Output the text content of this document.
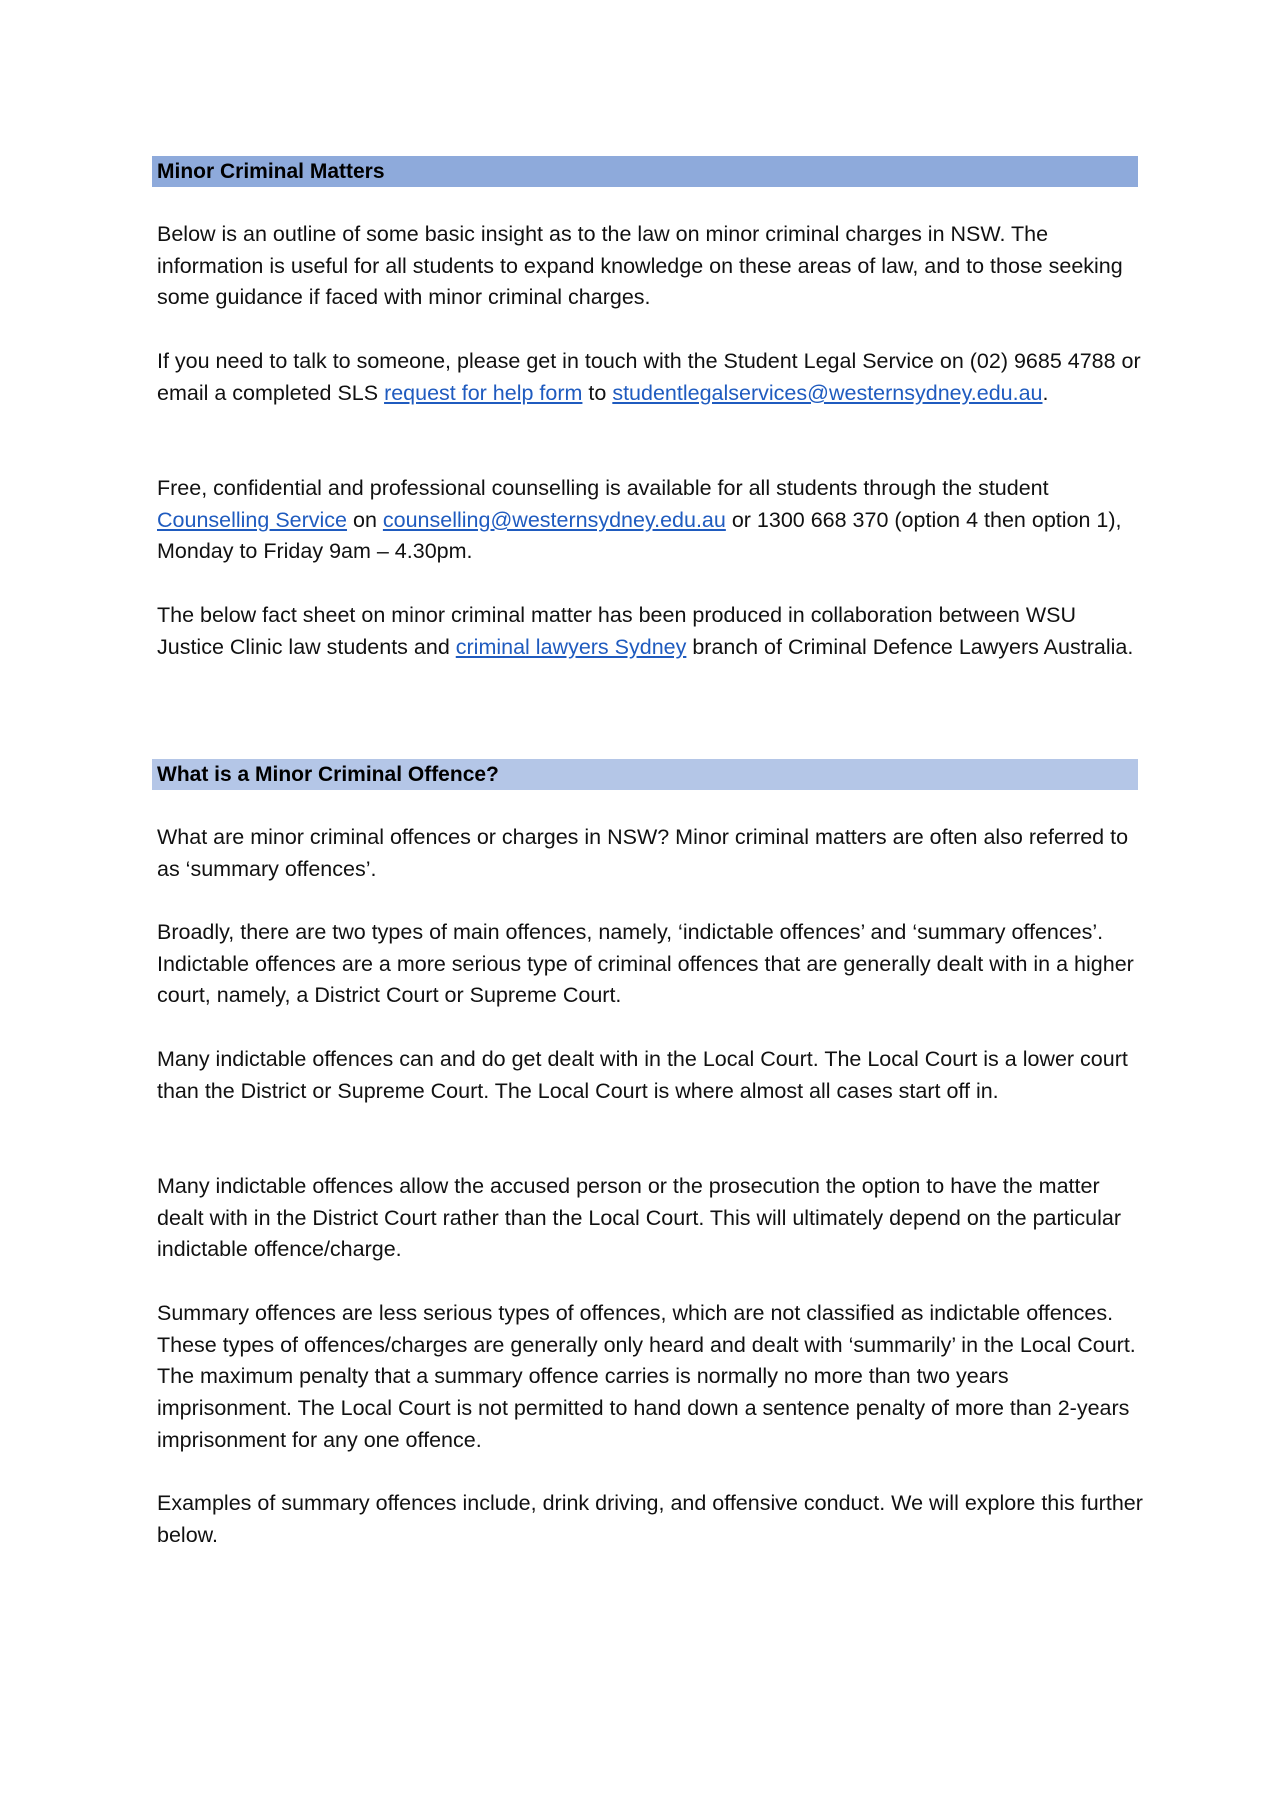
Minor Criminal Matters

Below is an outline of some basic insight as to the law on minor criminal charges in NSW. The information is useful for all students to expand knowledge on these areas of law, and to those seeking some guidance if faced with minor criminal charges.

If you need to talk to someone, please get in touch with the Student Legal Service on (02) 9685 4788 or email a completed SLS request for help form to studentlegalservices@westernsydney.edu.au.

Free, confidential and professional counselling is available for all students through the student Counselling Service on counselling@westernsydney.edu.au or 1300 668 370 (option 4 then option 1), Monday to Friday 9am – 4.30pm.

The below fact sheet on minor criminal matter has been produced in collaboration between WSU Justice Clinic law students and criminal lawyers Sydney branch of Criminal Defence Lawyers Australia.

What is a Minor Criminal Offence?

What are minor criminal offences or charges in NSW? Minor criminal matters are often also referred to as ‘summary offences’.

Broadly, there are two types of main offences, namely, ‘indictable offences’ and ‘summary offences’. Indictable offences are a more serious type of criminal offences that are generally dealt with in a higher court, namely, a District Court or Supreme Court.

Many indictable offences can and do get dealt with in the Local Court. The Local Court is a lower court than the District or Supreme Court. The Local Court is where almost all cases start off in.

Many indictable offences allow the accused person or the prosecution the option to have the matter dealt with in the District Court rather than the Local Court. This will ultimately depend on the particular indictable offence/charge.

Summary offences are less serious types of offences, which are not classified as indictable offences. These types of offences/charges are generally only heard and dealt with ‘summarily’ in the Local Court. The maximum penalty that a summary offence carries is normally no more than two years imprisonment. The Local Court is not permitted to hand down a sentence penalty of more than 2-years imprisonment for any one offence.

Examples of summary offences include, drink driving, and offensive conduct. We will explore this further below.
